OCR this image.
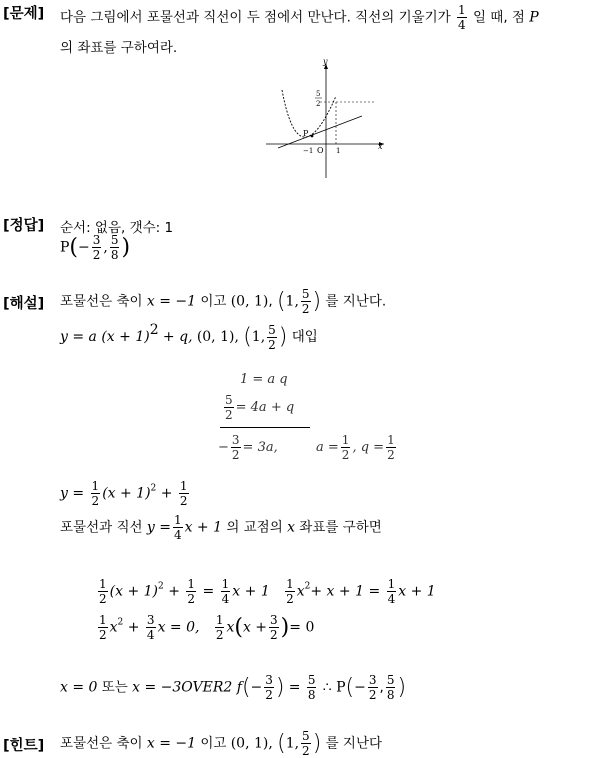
[문제] 다음 그림에서 포물선과 직선이 두 점에서 만난다. 직선의 기울기가 $\frac{1}{4}$ 일 때, 점 P
의 좌표를 구하여라.
y
x
5
2
P
−1 O 1
[정답] 순서: 없음, 갯수: 1
$P(- \frac{3}{2}$ , $\frac{5}{8}$ )
[해설] 포물선은 축이 x = −1 이고 (0, 1), (1, $\frac{5}{2}$ ) 를 지난다.
y = a $(x + 1)^2 + q$, (0, 1), (1, $\frac{5}{2}$ ) 대입
1 = a q
$\frac{5}{2} = 4a + q$
− $\frac{3}{2} = 3a$,	$a = \frac{1}{2}$ , $q = \frac{1}{2}$
$y = \frac{1}{2} (x + 1)^2 + \frac{1}{2}$
포물선과 직선 $y = \frac{1}{4}$ x + 1 의 교점의 x 좌표를 구하면
$\frac{1}{2} (x + 1)^2 + \frac{1}{2} = \frac{1}{4}$ $x + 1 \frac{1}{2} x^2+ x + 1 = \frac{1}{4}$ x + 1
$\frac{1}{2} x^2 + \frac{3}{4}$ x = 0, $\frac{1}{2} x(x + \frac{3}{2}$ )= 0
x = 0 또는 x = −3OVER2 $f(- \frac{3}{2}$ ) = $\frac{5}{8}$ ∴ $P(- \frac{3}{2}$ , $\frac{5}{8}$ )
[힌트] 포물선은 축이 x = −1 이고 (0, 1), (1, $\frac{5}{2}$ ) 를 지난다
